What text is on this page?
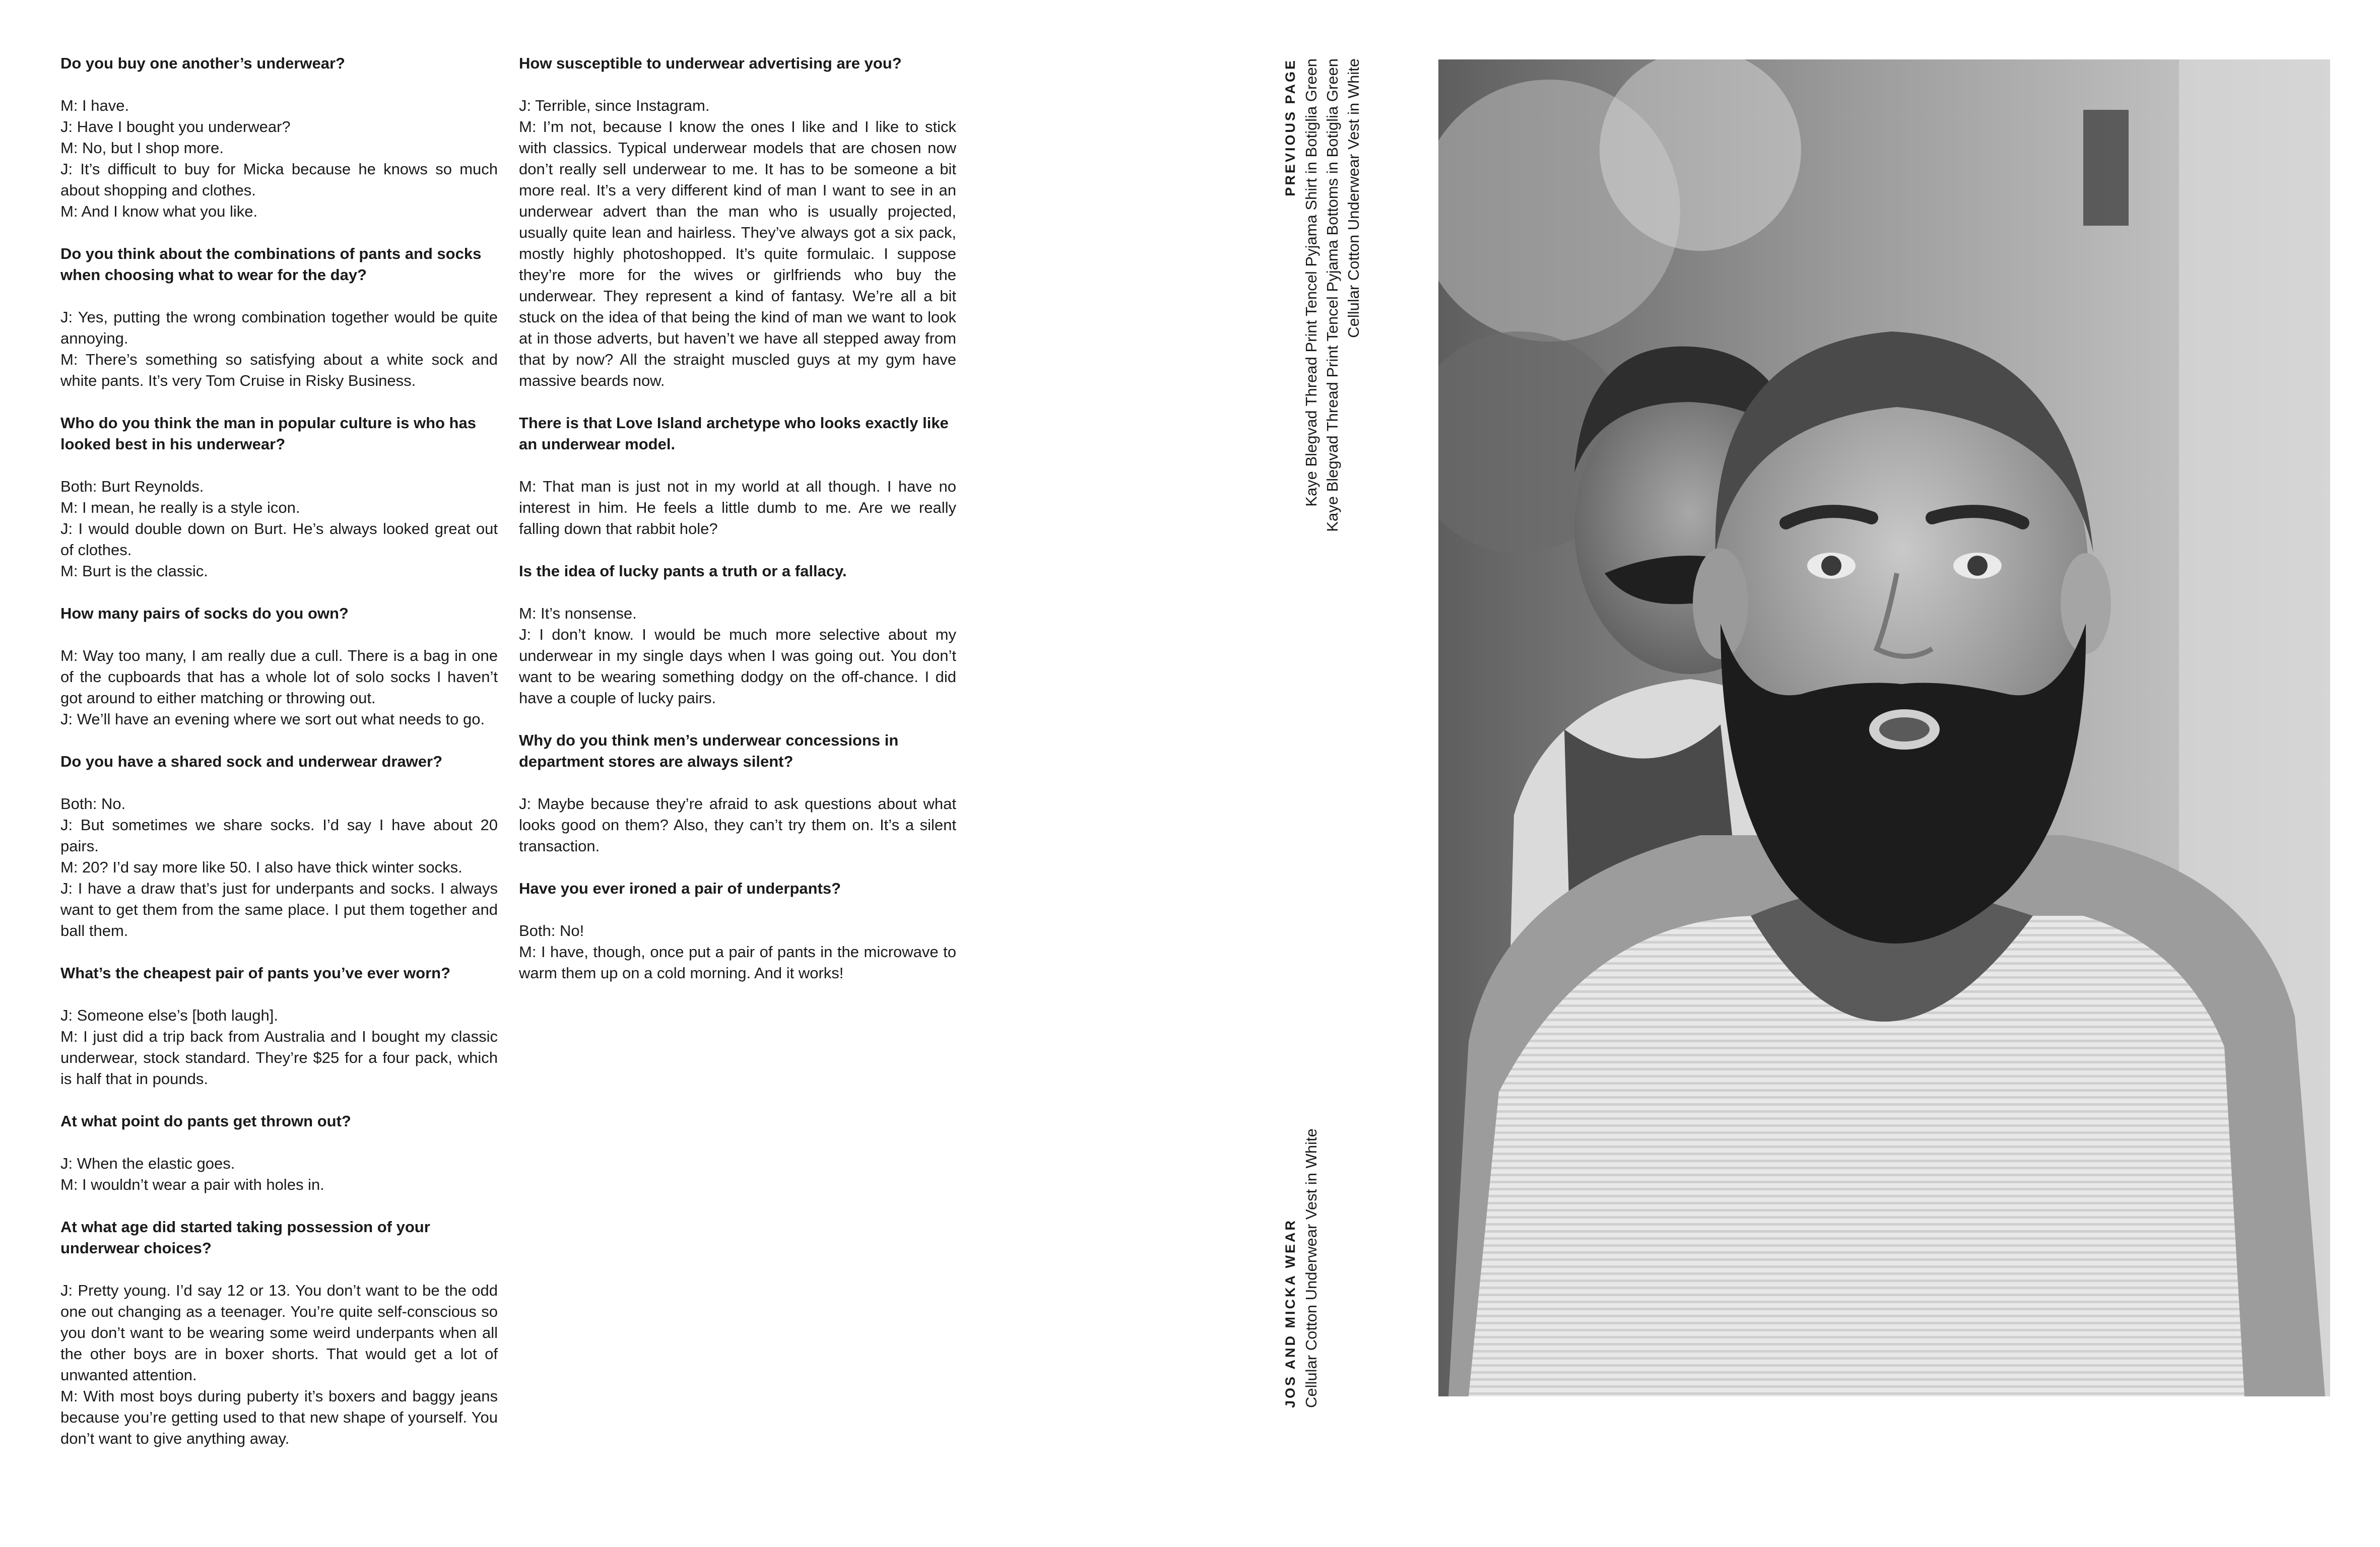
Do you buy one another’s underwear?

M: I have.
J: Have I bought you underwear?
M: No, but I shop more.
J: It’s difficult to buy for Micka because he knows so much about shopping and clothes.
M: And I know what you like.

Do you think about the combinations of pants and socks when choosing what to wear for the day?

J: Yes, putting the wrong combination together would be quite annoying.
M: There’s something so satisfying about a white sock and white pants. It’s very Tom Cruise in Risky Business.

Who do you think the man in popular culture is who has looked best in his underwear?

Both: Burt Reynolds.
M: I mean, he really is a style icon.
J: I would double down on Burt. He’s always looked great out of clothes.
M: Burt is the classic.

How many pairs of socks do you own?

M: Way too many, I am really due a cull. There is a bag in one of the cupboards that has a whole lot of solo socks I haven’t got around to either matching or throwing out.
J: We’ll have an evening where we sort out what needs to go.

Do you have a shared sock and underwear drawer?

Both: No.
J: But sometimes we share socks. I’d say I have about 20 pairs.
M: 20? I’d say more like 50. I also have thick winter socks.
J: I have a draw that’s just for underpants and socks. I always want to get them from the same place. I put them together and ball them.

What’s the cheapest pair of pants you’ve ever worn?

J: Someone else’s [both laugh].
M: I just did a trip back from Australia and I bought my classic underwear, stock standard. They’re $25 for a four pack, which is half that in pounds.

At what point do pants get thrown out?

J: When the elastic goes.
M: I wouldn’t wear a pair with holes in.

At what age did started taking possession of your underwear choices?

J: Pretty young. I’d say 12 or 13. You don’t want to be the odd one out changing as a teenager. You’re quite self-conscious so you don’t want to be wearing some weird underpants when all the other boys are in boxer shorts. That would get a lot of unwanted attention.
M: With most boys during puberty it’s boxers and baggy jeans because you’re getting used to that new shape of yourself. You don’t want to give anything away.

How susceptible to underwear advertising are you?

J: Terrible, since Instagram.
M: I’m not, because I know the ones I like and I like to stick with classics. Typical underwear models that are chosen now don’t really sell underwear to me. It has to be someone a bit more real. It’s a very different kind of man I want to see in an underwear advert than the man who is usually projected, usually quite lean and hairless. They’ve always got a six pack, mostly highly photoshopped. It’s quite formulaic. I suppose they’re more for the wives or girlfriends who buy the underwear. They represent a kind of fantasy. We’re all a bit stuck on the idea of that being the kind of man we want to look at in those adverts, but haven’t we have all stepped away from that by now? All the straight muscled guys at my gym have massive beards now.

There is that Love Island archetype who looks exactly like an underwear model.

M: That man is just not in my world at all though. I have no interest in him. He feels a little dumb to me. Are we really falling down that rabbit hole?

Is the idea of lucky pants a truth or a fallacy.

M: It’s nonsense.
J: I don’t know. I would be much more selective about my underwear in my single days when I was going out. You don’t want to be wearing something dodgy on the off-chance. I did have a couple of lucky pairs.

Why do you think men’s underwear concessions in department stores are always silent?

J: Maybe because they’re afraid to ask questions about what looks good on them? Also, they can’t try them on. It’s a silent transaction.

Have you ever ironed a pair of underpants?

Both: No!
M: I have, though, once put a pair of pants in the microwave to warm them up on a cold morning. And it works!

PREVIOUS PAGE Kaye Blegvad Thread Print Tencel Pyjama Shirt in Botiglia Green Kaye Blegvad Thread Print Tencel Pyjama Bottoms in Botiglia Green Cellular Cotton Underwear Vest in White
JOS AND MICKA WEAR Cellular Cotton Underwear Vest in White
